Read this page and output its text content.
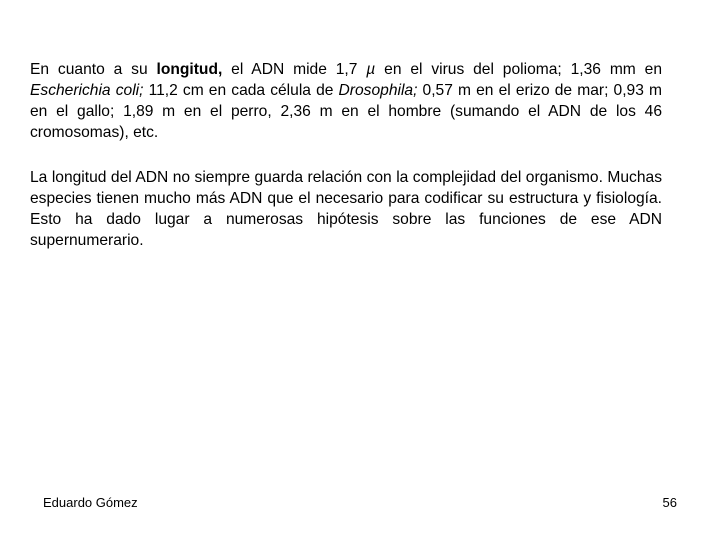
En cuanto a su longitud, el ADN mide 1,7 µ en el virus del polioma; 1,36 mm en Escherichia coli; 11,2 cm en cada célula de Drosophila; 0,57 m en el erizo de mar; 0,93 m en el gallo; 1,89 m en el perro, 2,36 m en el hombre (sumando el ADN de los 46 cromosomas), etc.

La longitud del ADN no siempre guarda relación con la complejidad del organismo. Muchas especies tienen mucho más ADN que el necesario para codificar su estructura y fisiología. Esto ha dado lugar a numerosas hipótesis sobre las funciones de ese ADN supernumerario.

Eduardo Gómez	56
